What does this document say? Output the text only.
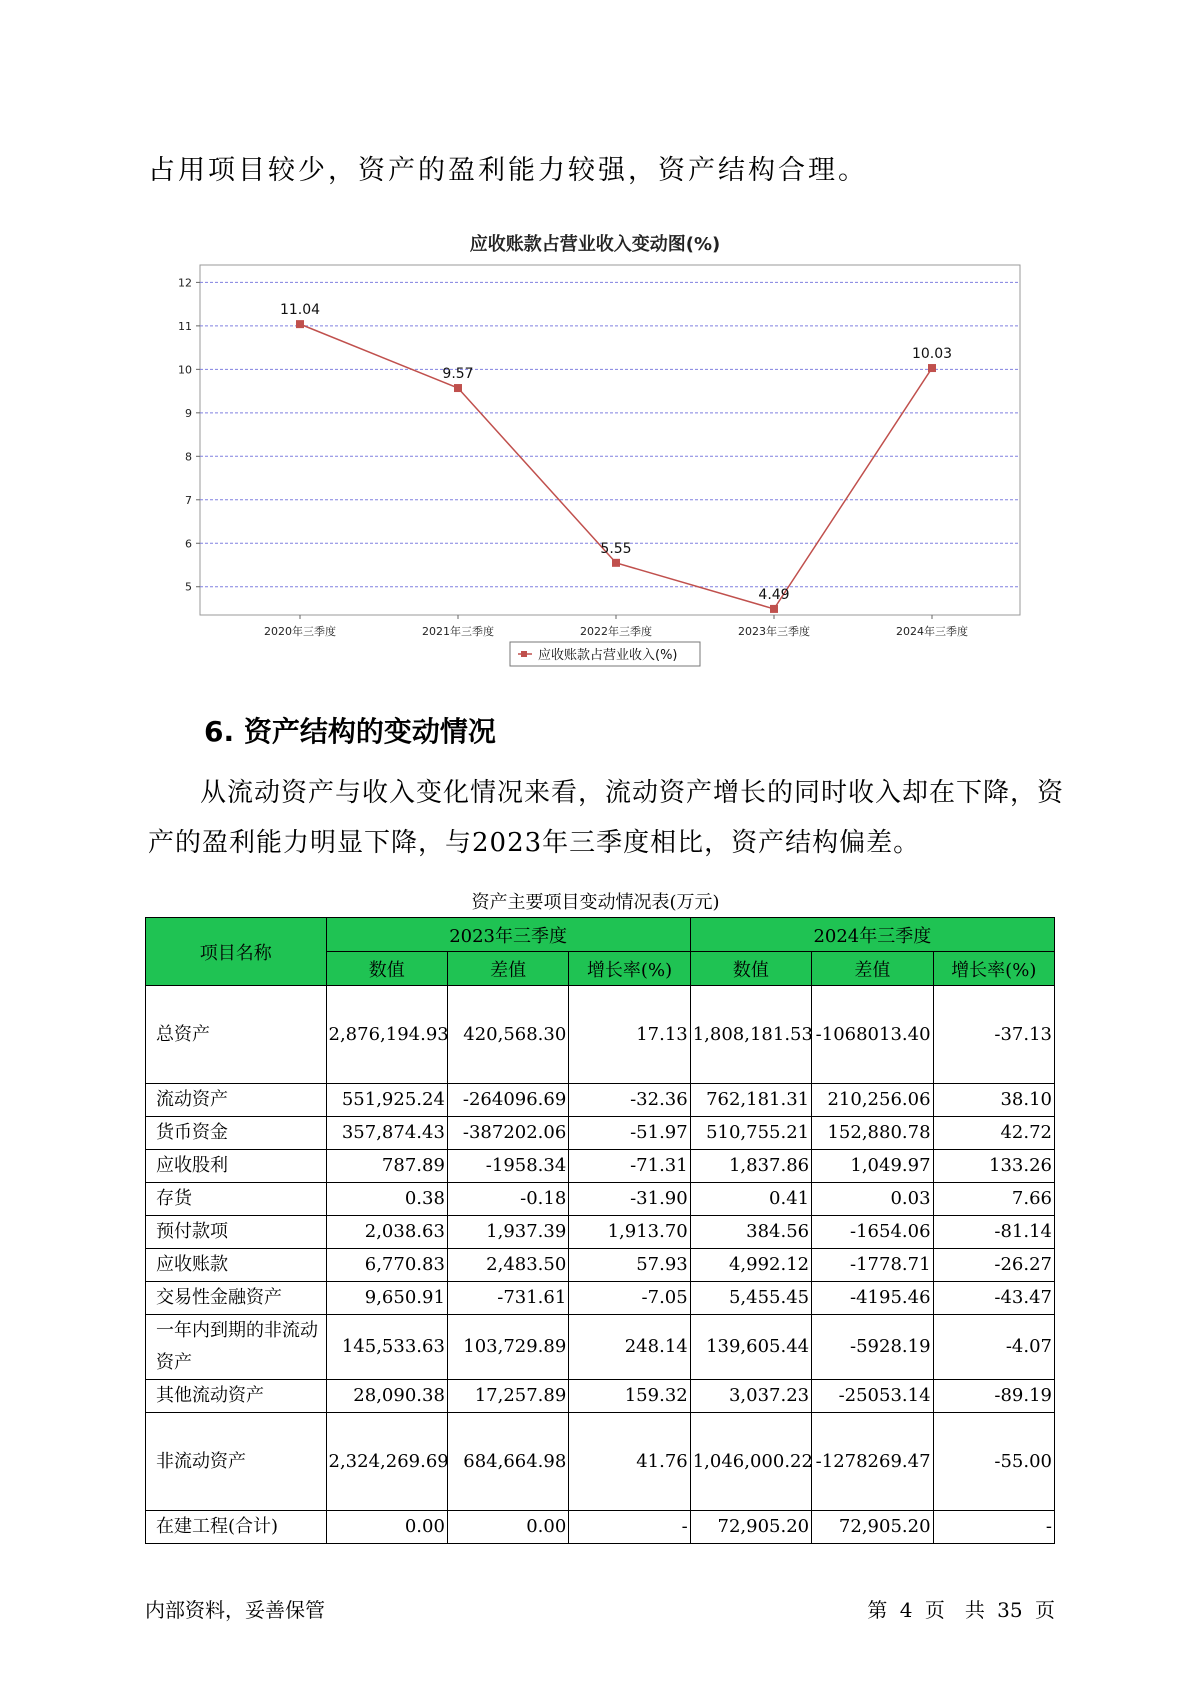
占用项目较少，资产的盈利能力较强，资产结构合理。

应收账款占营业收入变动图(%)
5
6
7
8
9
10
11
12
2020年三季度	2021年三季度	2022年三季度	2023年三季度	2024年三季度
11.04
9.57
5.55
4.49
10.03
应收账款占营业收入(%)
6. 资产结构的变动情况

从流动资产与收入变化情况来看，流动资产增长的同时收入却在下降，资产的盈利能力明显下降，与2023年三季度相比，资产结构偏差。

资产主要项目变动情况表(万元)

项目名称	2023年三季度			2024年三季度		
	数值	差值	增长率(%)	数值	差值	增长率(%)
总资产	2,876,194.93	420,568.30	17.13	1,808,181.53	-1068013.40	-37.13
流动资产	551,925.24	-264096.69	-32.36	762,181.31	210,256.06	38.10
货币资金	357,874.43	-387202.06	-51.97	510,755.21	152,880.78	42.72
应收股利	787.89	-1958.34	-71.31	1,837.86	1,049.97	133.26
存货	0.38	-0.18	-31.90	0.41	0.03	7.66
预付款项	2,038.63	1,937.39	1,913.70	384.56	-1654.06	-81.14
应收账款	6,770.83	2,483.50	57.93	4,992.12	-1778.71	-26.27
交易性金融资产	9,650.91	-731.61	-7.05	5,455.45	-4195.46	-43.47
一年内到期的非流动资产	145,533.63	103,729.89	248.14	139,605.44	-5928.19	-4.07
其他流动资产	28,090.38	17,257.89	159.32	3,037.23	-25053.14	-89.19
非流动资产	2,324,269.69	684,664.98	41.76	1,046,000.22	-1278269.47	-55.00
在建工程(合计)	0.00	0.00	-	72,905.20	72,905.20	-

内部资料，妥善保管	第 4 页　共 35 页
